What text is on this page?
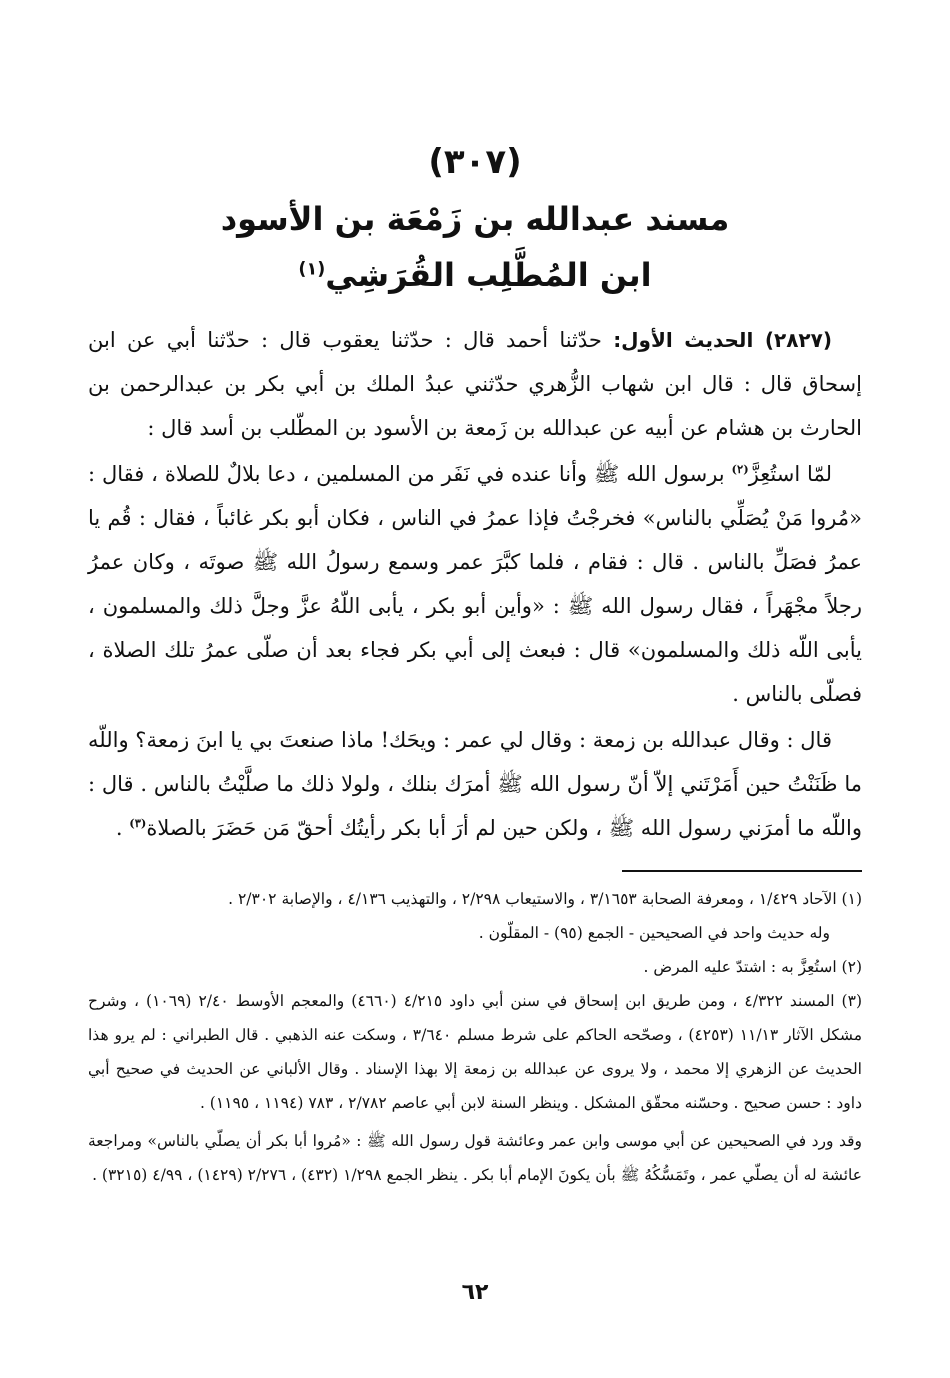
(٣٠٧)

مسند عبدالله بن زَمْعَة بن الأسود

ابن المُطَّلِب القُرَشِي$^{(١)}$

(٢٨٢٧) الحديث الأول: حدّثنا أحمد قال : حدّثنا يعقوب قال : حدّثنا أبي عن ابن إسحاق قال : قال ابن شهاب الزُّهري حدّثني عبدُ الملك بن أبي بكر بن عبدالرحمن بن الحارث بن هشام عن أبيه عن عبدالله بن زَمعة بن الأسود بن المطّلب بن أسد قال :

لمّا استُعِزَّ$^{(٢)}$ برسول الله ﷺ وأنا عنده في نَفَر من المسلمين ، دعا بلالٌ للصلاة ، فقال : «مُروا مَنْ يُصَلِّي بالناس» فخرجْتُ فإذا عمرُ في الناس ، فكان أبو بكر غائباً ، فقال : قُم يا عمرُ فصَلِّ بالناس . قال : فقام ، فلما كبَّرَ عمر وسمع رسولُ الله ﷺ صوتَه ، وكان عمرُ رجلاً مجْهَراً ، فقال رسول الله ﷺ : «وأين أبو بكر ، يأبى اللّهُ عزَّ وجلَّ ذلك والمسلمون ، يأبى اللّه ذلك والمسلمون» قال : فبعث إلى أبي بكر فجاء بعد أن صلّى عمرُ تلك الصلاة ، فصلّى بالناس .

قال : وقال عبدالله بن زمعة : وقال لي عمر : ويحَك! ماذا صنعتَ بي يا ابنَ زمعة؟ واللّه ما ظَنَنْتُ حين أَمَرْتَني إلاّ أنّ رسول الله ﷺ أمرَك بنلك ، ولولا ذلك ما صلَّيْتُ بالناس . قال : واللّه ما أمرَني رسول الله ﷺ ، ولكن حين لم أرَ أبا بكر رأيتُك أحقّ مَن حَضَرَ بالصلاة$^{(٣)}$ .

(١) الآحاد ١/٤٢٩ ، ومعرفة الصحابة ٣/١٦٥٣ ، والاستيعاب ٢/٢٩٨ ، والتهذيب ٤/١٣٦ ، والإصابة ٢/٣٠٢ .

وله حديث واحد في الصحيحين - الجمع (٩٥) - المقلّون .

(٢) استُعِزَّ به : اشتدّ عليه المرض .

(٣) المسند ٤/٣٢٢ ، ومن طريق ابن إسحاق في سنن أبي داود ٤/٢١٥ (٤٦٦٠) والمعجم الأوسط ٢/٤٠ (١٠٦٩) ، وشرح مشكل الآثار ١١/١٣ (٤٢٥٣) ، وصحّحه الحاكم على شرط مسلم ٣/٦٤٠ ، وسكت عنه الذهبي . قال الطبراني : لم يرو هذا الحديث عن الزهري إلا محمد ، ولا يروى عن عبدالله بن زمعة إلا بهذا الإسناد . وقال الألباني عن الحديث في صحيح أبي داود : حسن صحيح . وحسّنه محقّق المشكل . وينظر السنة لابن أبي عاصم ٢/٧٨٢ ، ٧٨٣ (١١٩٤ ، ١١٩٥) .

وقد ورد في الصحيحين عن أبي موسى وابن عمر وعائشة قول رسول الله ﷺ : «مُروا أبا بكر أن يصلّي بالناس» ومراجعة عائشة له أن يصلّي عمر ، وتَمَسُّكُهُ ﷺ بأن يكونَ الإمام أبا بكر . ينظر الجمع ١/٢٩٨ (٤٣٢) ، ٢/٢٧٦ (١٤٢٩) ، ٤/٩٩ (٣٢١٥) .

٦٢
